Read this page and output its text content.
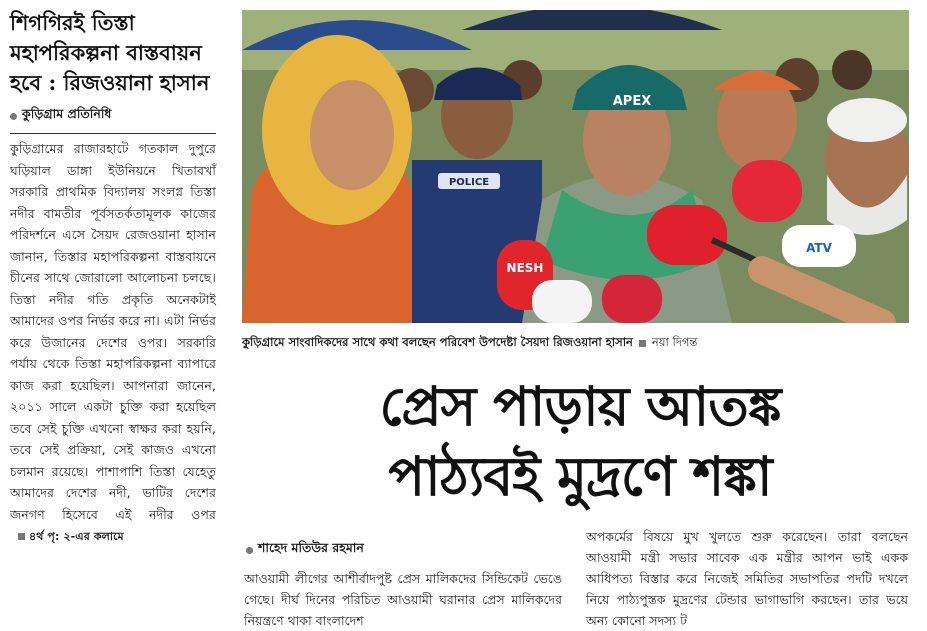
শিগগিরই তিস্তা মহাপরিকল্পনা বাস্তবায়ন হবে : রিজওয়ানা হাসান
কুড়িগ্রাম প্রতিনিধি

কুড়িগ্রামের রাজারহাটে গতকাল দুপুরে ঘড়িয়াল ডাঙ্গা ইউনিয়নে খিতাবখাঁ সরকারি প্রাথমিক বিদ্যালয় সংলগ্ন তিস্তা নদীর বামতীর পূর্বসতর্কতামূলক কাজের পরিদর্শনে এসে সৈয়দ রেজওয়ানা হাসান জানান, তিস্তার মহাপরিকল্পনা বাস্তবায়নে চীনের সাথে জোরালো আলোচনা চলছে। তিস্তা নদীর গতি প্রকৃতি অনেকটাই আমাদের ওপর নির্ভর করে না। এটা নির্ভর করে উজানের দেশের ওপর। সরকারি পর্যায় থেকে তিস্তা মহাপরিকল্পনা ব্যাপারে কাজ করা হয়েছিল। আপনারা জানেন, ২০১১ সালে একটা চুক্তি করা হয়েছিল তবে সেই চুক্তি এখনো স্বাক্ষর করা হয়নি, তবে সেই প্রক্রিয়া, সেই কাজও এখনো চলমান রয়েছে। পাশাপাশি তিস্তা যেহেতু আমাদের দেশের নদী, ভাটির দেশের জনগণ হিসেবে এই নদীর ওপর
৪র্থ পৃ: ২-এর কলামে

POLICE
APEX
NESH
ATV
কুড়িগ্রামে সাংবাদিকদের সাথে কথা বলছেন পরিবেশ উপদেষ্টা সৈয়দা রিজওয়ানা হাসান নয়া দিগন্ত
প্রেস পাড়ায় আতঙ্ক
পাঠ্যবই মুদ্রণে শঙ্কা
শাহেদ মতিউর রহমান

আওয়ামী লীগের আশীর্বাদপুষ্ট প্রেস মালিকদের সিন্ডিকেট ভেঙে গেছে। দীর্ঘ দিনের পরিচিত আওয়ামী ঘরানার প্রেস মালিকদের নিয়ন্ত্রণে থাকা বাংলাদেশ

অপকর্মের বিষয়ে মুখ খুলতে শুরু করেছেন। তারা বলছেন আওয়ামী মন্ত্রী সভার সাবেক এক মন্ত্রীর আপন ভাই একক আধিপত্য বিস্তার করে নিজেই সমিতির সভাপতির পদটি দখলে নিয়ে পাঠ্যপুস্তক মুদ্রণের টেন্ডার ভাগাভাগি করছেন। তার ভয়ে অন্য কোনো সদস্য ট
